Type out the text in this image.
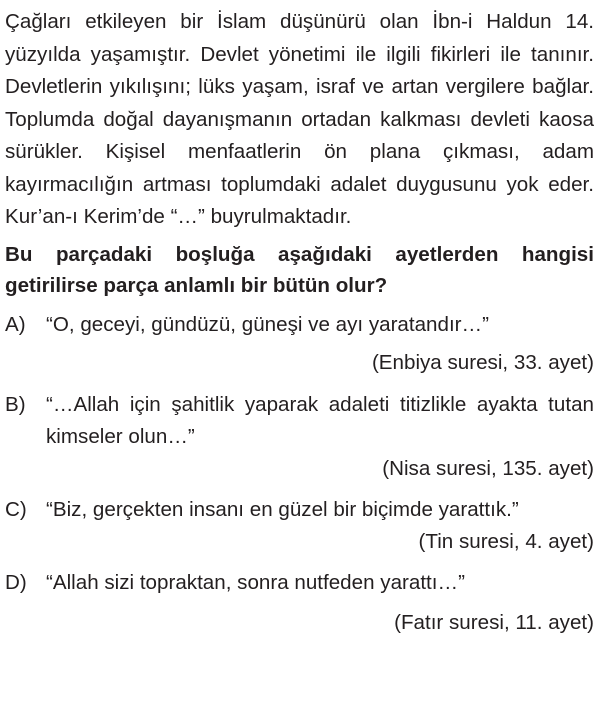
Çağları etkileyen bir İslam düşünürü olan İbn-i Haldun 14. yüzyılda yaşamıştır. Devlet yönetimi ile ilgili fikirleri ile tanınır. Devletlerin yıkılışını; lüks yaşam, israf ve artan vergilere bağlar. Toplumda doğal dayanışmanın ortadan kalkması devleti kaosa sürükler. Kişisel menfaatlerin ön plana çıkması, adam kayırmacılığın artması toplumdaki adalet duygusunu yok eder. Kur’an-ı Kerim’de “…” buyrulmaktadır.

Bu parçadaki boşluğa aşağıdaki ayetlerden hangisi getirilirse parça anlamlı bir bütün olur?

A) “O, geceyi, gündüzü, güneşi ve ayı yaratandır…”
(Enbiya suresi, 33. ayet)
B) “…Allah için şahitlik yaparak adaleti titizlikle ayakta tutan kimseler olun…”
(Nisa suresi, 135. ayet)
C) “Biz, gerçekten insanı en güzel bir biçimde yarattık.”
(Tin suresi, 4. ayet)
D) “Allah sizi topraktan, sonra nutfeden yarattı…”
(Fatır suresi, 11. ayet)
